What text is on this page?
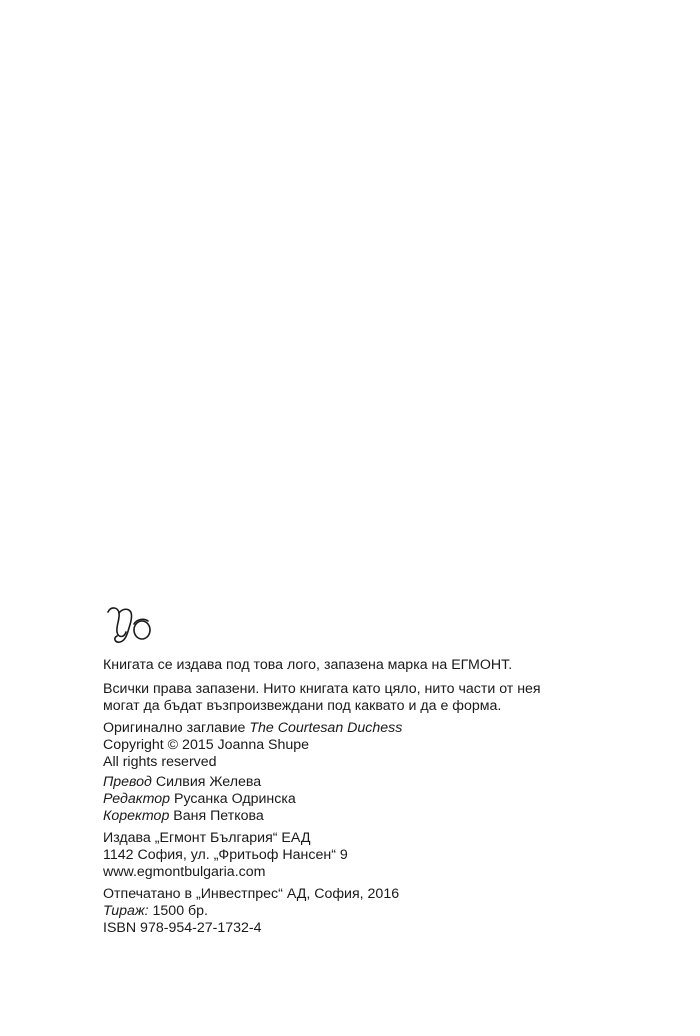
Книгата се издава под това лого, запазена марка на ЕГМОНТ.
Всички права запазени. Нито книгата като цяло, нито части от нея
могат да бъдат възпроизвеждани под каквато и да е форма.
Оригинално заглавие The Courtesan Duchess
Copyright © 2015 Joanna Shupe
All rights reserved
Превод Силвия Желева
Редактор Русанка Одринска
Коректор Ваня Петкова
Издава „Егмонт България“ ЕАД
1142 София, ул. „Фритьоф Нансен“ 9
www.egmontbulgaria.com
Отпечатано в „Инвестпрес“ АД, София, 2016
Тираж: 1500 бр.
ISBN 978-954-27-1732-4
